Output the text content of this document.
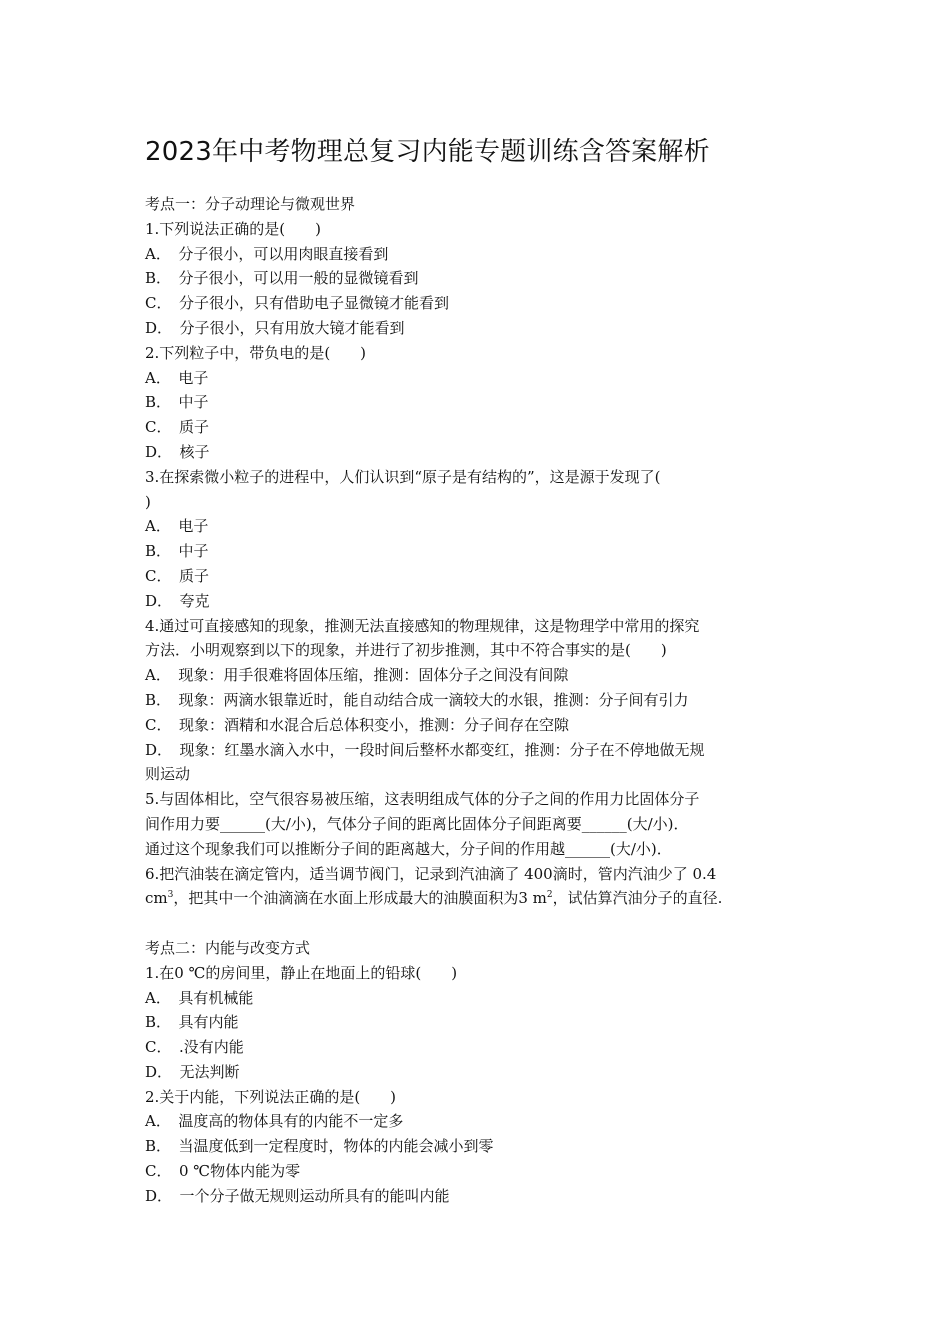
2023年中考物理总复习内能专题训练含答案解析
考点一：分子动理论与微观世界
1.下列说法正确的是(　　)
A．　分子很小，可以用肉眼直接看到
B．　分子很小，可以用一般的显微镜看到
C．　分子很小，只有借助电子显微镜才能看到
D．　分子很小，只有用放大镜才能看到
2.下列粒子中，带负电的是(　　)
A．　电子
B．　中子
C．　质子
D．　核子
3.在探索微小粒子的进程中，人们认识到“原子是有结构的”，这是源于发现了(
)
A．　电子
B．　中子
C．　质子
D．　夸克
4.通过可直接感知的现象，推测无法直接感知的物理规律，这是物理学中常用的探究
方法．小明观察到以下的现象，并进行了初步推测，其中不符合事实的是(　　)
A．　现象：用手很难将固体压缩，推测：固体分子之间没有间隙
B．　现象：两滴水银靠近时，能自动结合成一滴较大的水银，推测：分子间有引力
C．　现象：酒精和水混合后总体积变小，推测：分子间存在空隙
D．　现象：红墨水滴入水中，一段时间后整杯水都变红，推测：分子在不停地做无规
则运动
5.与固体相比，空气很容易被压缩，这表明组成气体的分子之间的作用力比固体分子
间作用力要______(大/小)，气体分子间的距离比固体分子间距离要______(大/小)．
通过这个现象我们可以推断分子间的距离越大，分子间的作用越______(大/小)．
6.把汽油装在滴定管内，适当调节阀门，记录到汽油滴了 400滴时，管内汽油少了 0.4
$cm^3$，把其中一个油滴滴在水面上形成最大的油膜面积为3 $m^2$，试估算汽油分子的直径.
考点二：内能与改变方式
1.在0 ℃的房间里，静止在地面上的铅球(　　)
A．　具有机械能
B．　具有内能
C．　.没有内能
D．　无法判断
2.关于内能，下列说法正确的是(　　)
A．　温度高的物体具有的内能不一定多
B．　当温度低到一定程度时，物体的内能会减小到零
C．　0 ℃物体内能为零
D．　一个分子做无规则运动所具有的能叫内能
